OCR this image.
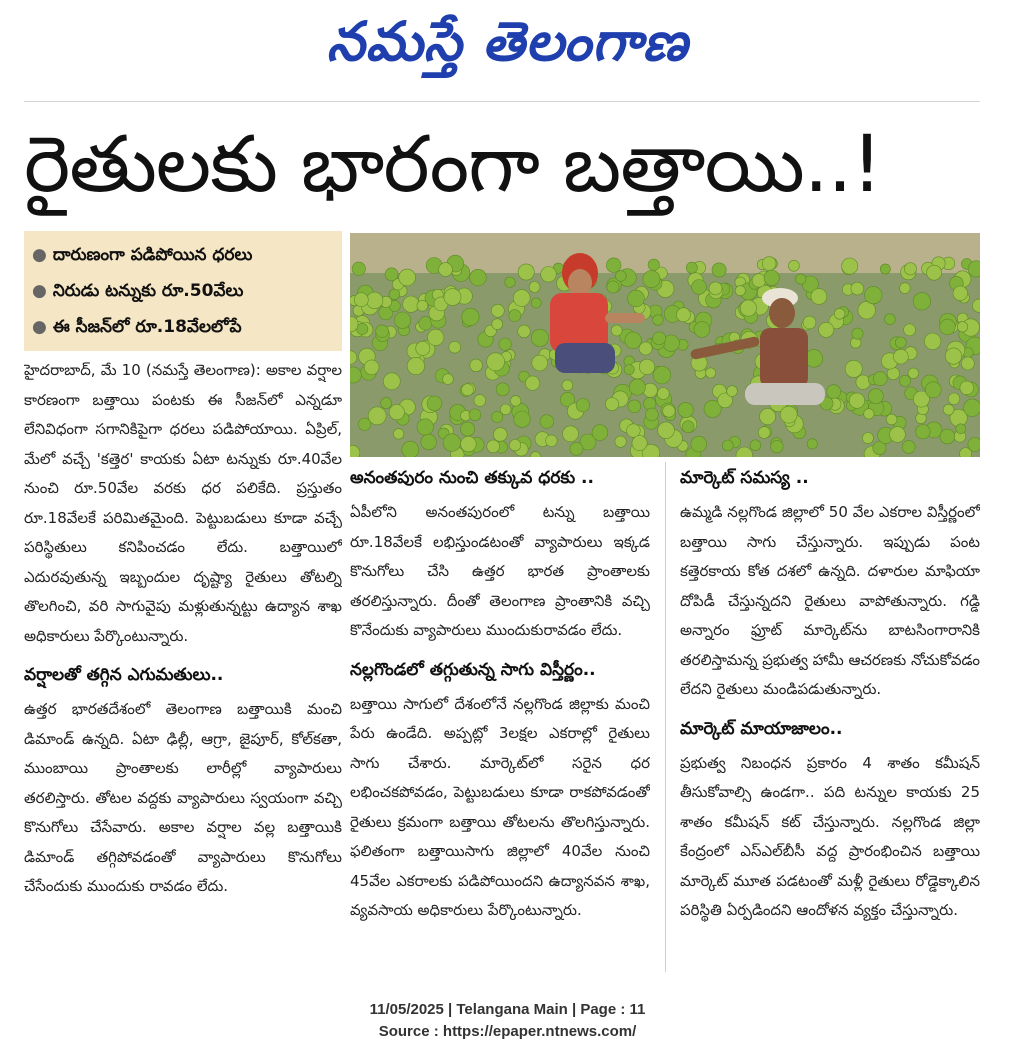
నమస్తే తెలంగాణ
రైతులకు భారంగా బత్తాయి..!
● దారుణంగా పడిపోయిన ధరలు
● నిరుడు టన్నుకు రూ.50వేలు
● ఈ సీజన్‌లో రూ.18వేలలోపే

హైదరాబాద్, మే 10 (నమస్తే తెలంగాణ): అకాల వర్షాల కారణంగా బత్తాయి పంటకు ఈ సీజన్‌లో ఎన్నడూ లేనివిధంగా సగానికిపైగా ధరలు పడిపోయాయి. ఏప్రిల్, మేలో వచ్చే 'కత్తెర' కాయకు ఏటా టన్నుకు రూ.40వేల నుంచి రూ.50వేల వరకు ధర పలికేది. ప్రస్తుతం రూ.18వేలకే పరిమితమైంది. పెట్టుబడులు కూడా వచ్చే పరిస్థితులు కనిపించడం లేదు. బత్తాయిలో ఎదురవుతున్న ఇబ్బందుల దృష్ట్యా రైతులు తోటల్ని తొలగించి, వరి సాగువైపు మళ్లుతున్నట్టు ఉద్యాన శాఖ అధికారులు పేర్కొంటున్నారు.

వర్షాలతో తగ్గిన ఎగుమతులు..

ఉత్తర భారతదేశంలో తెలంగాణ బత్తాయికి మంచి డిమాండ్ ఉన్నది. ఏటా ఢిల్లీ, ఆగ్రా, జైపూర్, కోల్‌కతా, ముంబాయి ప్రాంతాలకు లారీల్లో వ్యాపారులు తరలిస్తారు. తోటల వద్దకు వ్యాపారులు స్వయంగా వచ్చి కొనుగోలు చేసేవారు. అకాల వర్షాల వల్ల బత్తాయికి డిమాండ్ తగ్గిపోవడంతో వ్యాపారులు కొనుగోలు చేసేందుకు ముందుకు రావడం లేదు.

అనంతపురం నుంచి తక్కువ ధరకు ..

ఏపీలోని అనంతపురంలో టన్ను బత్తాయి రూ.18వేలకే లభిస్తుండటంతో వ్యాపారులు ఇక్కడ కొనుగోలు చేసి ఉత్తర భారత ప్రాంతాలకు తరలిస్తున్నారు. దీంతో తెలంగాణ ప్రాంతానికి వచ్చి కొనేందుకు వ్యాపారులు ముందుకురావడం లేదు.

నల్లగొండలో తగ్గుతున్న సాగు విస్తీర్ణం..

బత్తాయి సాగులో దేశంలోనే నల్లగొండ జిల్లాకు మంచి పేరు ఉండేది. అప్పట్లో 3లక్షల ఎకరాల్లో రైతులు సాగు చేశారు. మార్కెట్‌లో సరైన ధర లభించకపోవడం, పెట్టుబడులు కూడా రాకపోవడంతో రైతులు క్రమంగా బత్తాయి తోటలను తొలగిస్తున్నారు. ఫలితంగా బత్తాయిసాగు జిల్లాలో 40వేల నుంచి 45వేల ఎకరాలకు పడిపోయిందని ఉద్యానవన శాఖ, వ్యవసాయ అధికారులు పేర్కొంటున్నారు.

మార్కెట్ సమస్య ..

ఉమ్మడి నల్లగొండ జిల్లాలో 50 వేల ఎకరాల విస్తీర్ణంలో బత్తాయి సాగు చేస్తున్నారు. ఇప్పుడు పంట కత్తెరకాయ కోత దశలో ఉన్నది. దళారుల మాఫియా దోపిడీ చేస్తున్నదని రైతులు వాపోతున్నారు. గడ్డి అన్నారం ఫ్రూట్ మార్కెట్‌ను బాటసింగారానికి తరలిస్తామన్న ప్రభుత్వ హామీ ఆచరణకు నోచుకోవడం లేదని రైతులు మండిపడుతున్నారు.

మార్కెట్ మాయాజాలం..

ప్రభుత్వ నిబంధన ప్రకారం 4 శాతం కమీషన్ తీసుకోవాల్సి ఉండగా.. పది టన్నుల కాయకు 25 శాతం కమీషన్ కట్ చేస్తున్నారు. నల్లగొండ జిల్లా కేంద్రంలో ఎస్ఎల్‌బీసీ వద్ద ప్రారంభించిన బత్తాయి మార్కెట్ మూత పడటంతో మళ్లీ రైతులు రోడ్డెక్కాలిన పరిస్థితి ఏర్పడిందని ఆందోళన వ్యక్తం చేస్తున్నారు.

11/05/2025 | Telangana Main | Page : 11
Source : https://epaper.ntnews.com/
